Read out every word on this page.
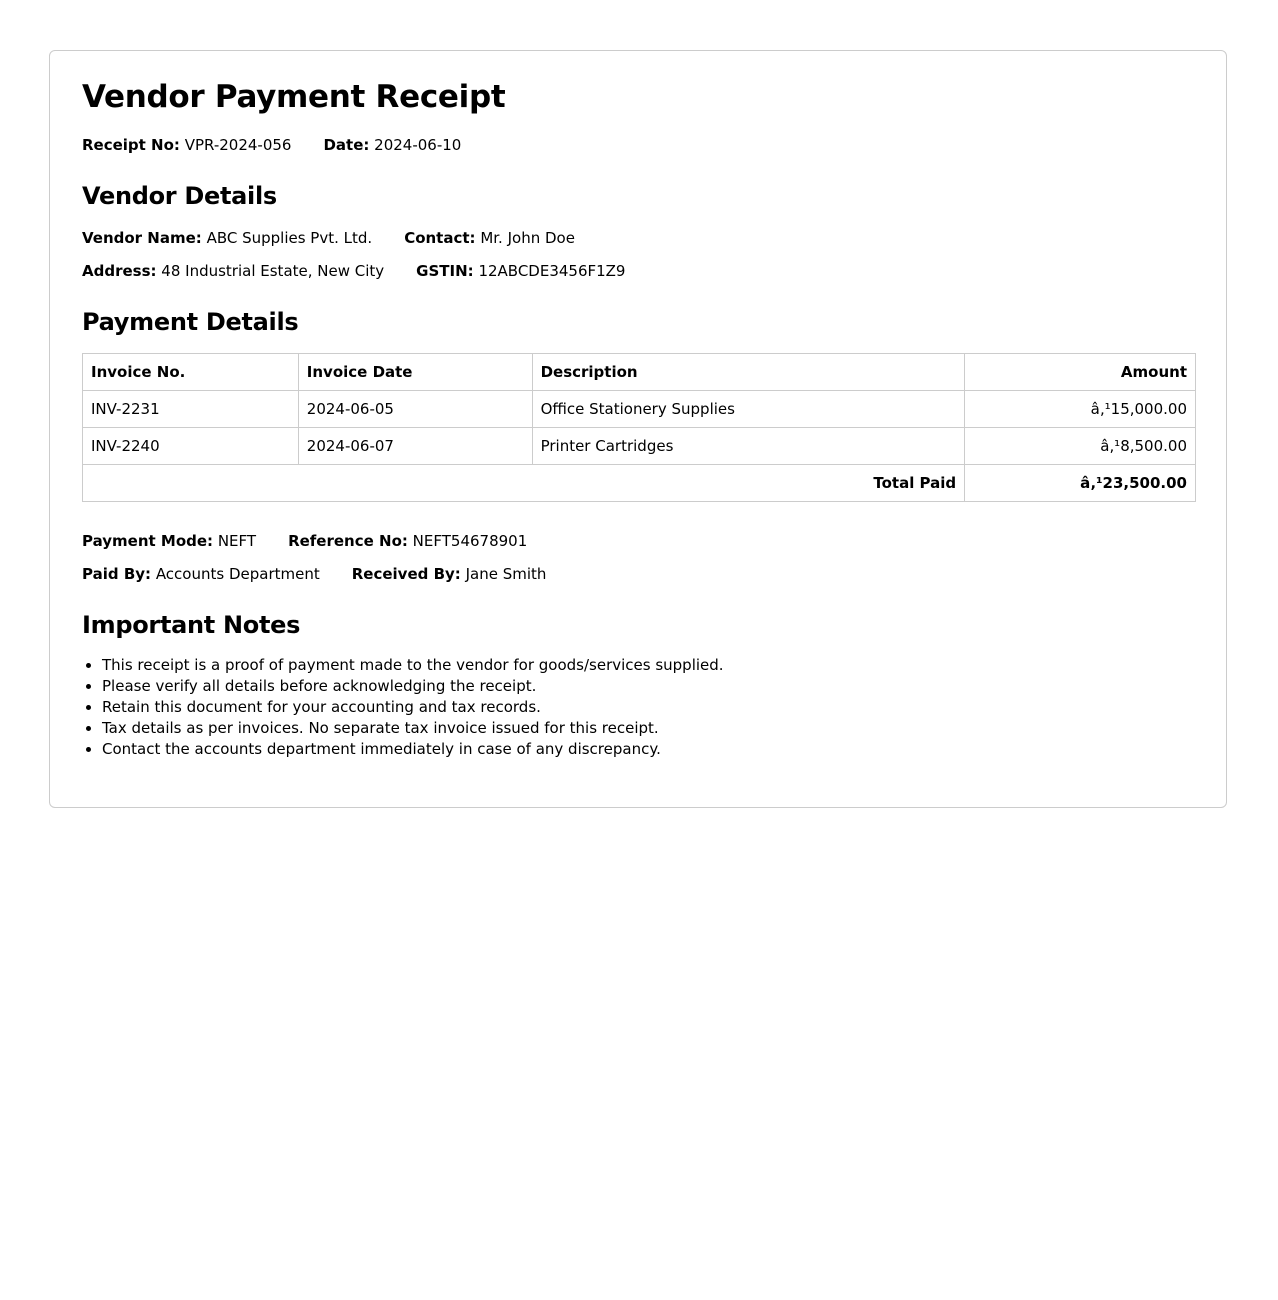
Vendor Payment Receipt
Receipt No: VPR-2024-056 Date: 2024-06-10
Vendor Details
Vendor Name: ABC Supplies Pvt. Ltd. Contact: Mr. John Doe
Address: 48 Industrial Estate, New City GSTIN: 12ABCDE3456F1Z9
Payment Details
Invoice No.	Invoice Date	Description	Amount
INV-2231	2024-06-05	Office Stationery Supplies	â‚¹15,000.00
INV-2240	2024-06-07	Printer Cartridges	â‚¹8,500.00
Total Paid			â‚¹23,500.00
Payment Mode: NEFT Reference No: NEFT54678901
Paid By: Accounts Department Received By: Jane Smith
Important Notes
• This receipt is a proof of payment made to the vendor for goods/services supplied.
• Please verify all details before acknowledging the receipt.
• Retain this document for your accounting and tax records.
• Tax details as per invoices. No separate tax invoice issued for this receipt.
• Contact the accounts department immediately in case of any discrepancy.
